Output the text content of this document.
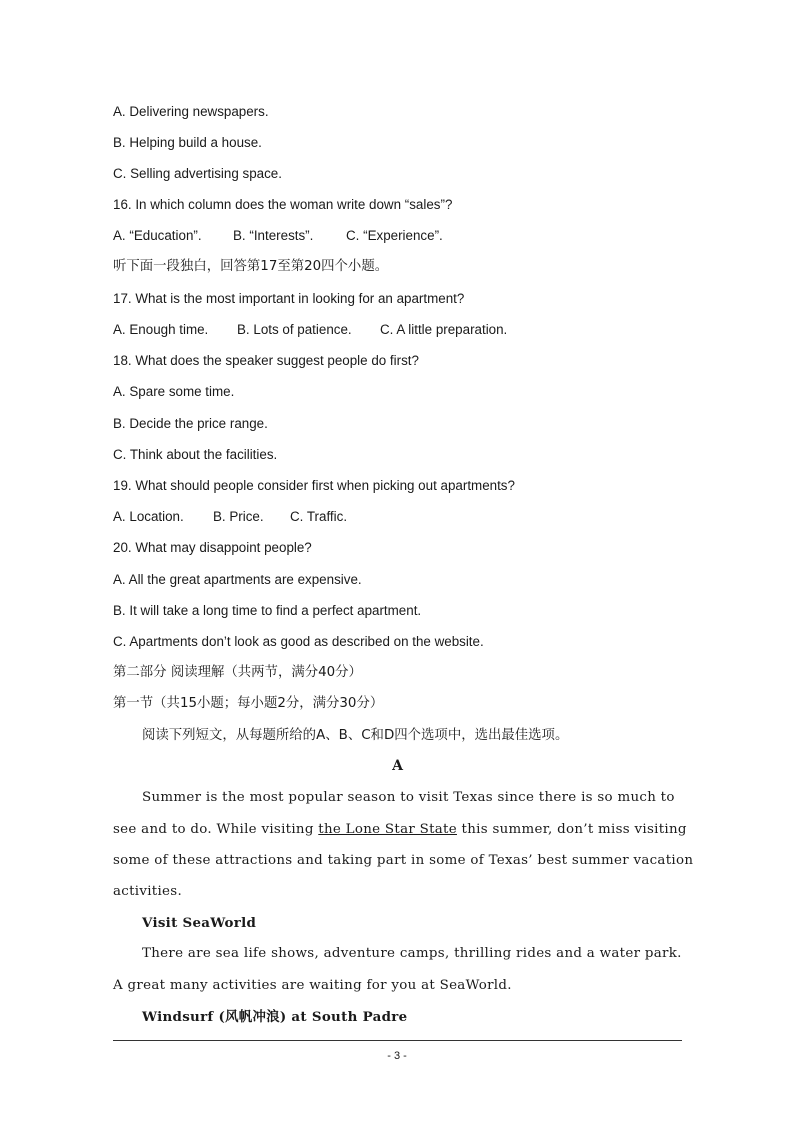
A. Delivering newspapers.
B. Helping build a house.
C. Selling advertising space.
16. In which column does the woman write down “sales”?
A. “Education”. B. “Interests”. C. “Experience”.
听下面一段独白，回答第17至第20四个小题。
17. What is the most important in looking for an apartment?
A. Enough time. B. Lots of patience. C. A little preparation.
18. What does the speaker suggest people do first?
A. Spare some time.
B. Decide the price range.
C. Think about the facilities.
19. What should people consider first when picking out apartments?
A. Location. B. Price. C. Traffic.
20. What may disappoint people?
A. All the great apartments are expensive.
B. It will take a long time to find a perfect apartment.
C. Apartments don’t look as good as described on the website.
第二部分 阅读理解（共两节，满分40分）
第一节（共15小题；每小题2分，满分30分）
阅读下列短文，从每题所给的A、B、C和D四个选项中，选出最佳选项。
A
Summer is the most popular season to visit Texas since there is so much to
see and to do. While visiting the Lone Star State this summer, don’t miss visiting
some of these attractions and taking part in some of Texas’ best summer vacation
activities.
Visit SeaWorld
There are sea life shows, adventure camps, thrilling rides and a water park.
A great many activities are waiting for you at SeaWorld.
Windsurf (风帆冲浪) at South Padre
- 3 -
